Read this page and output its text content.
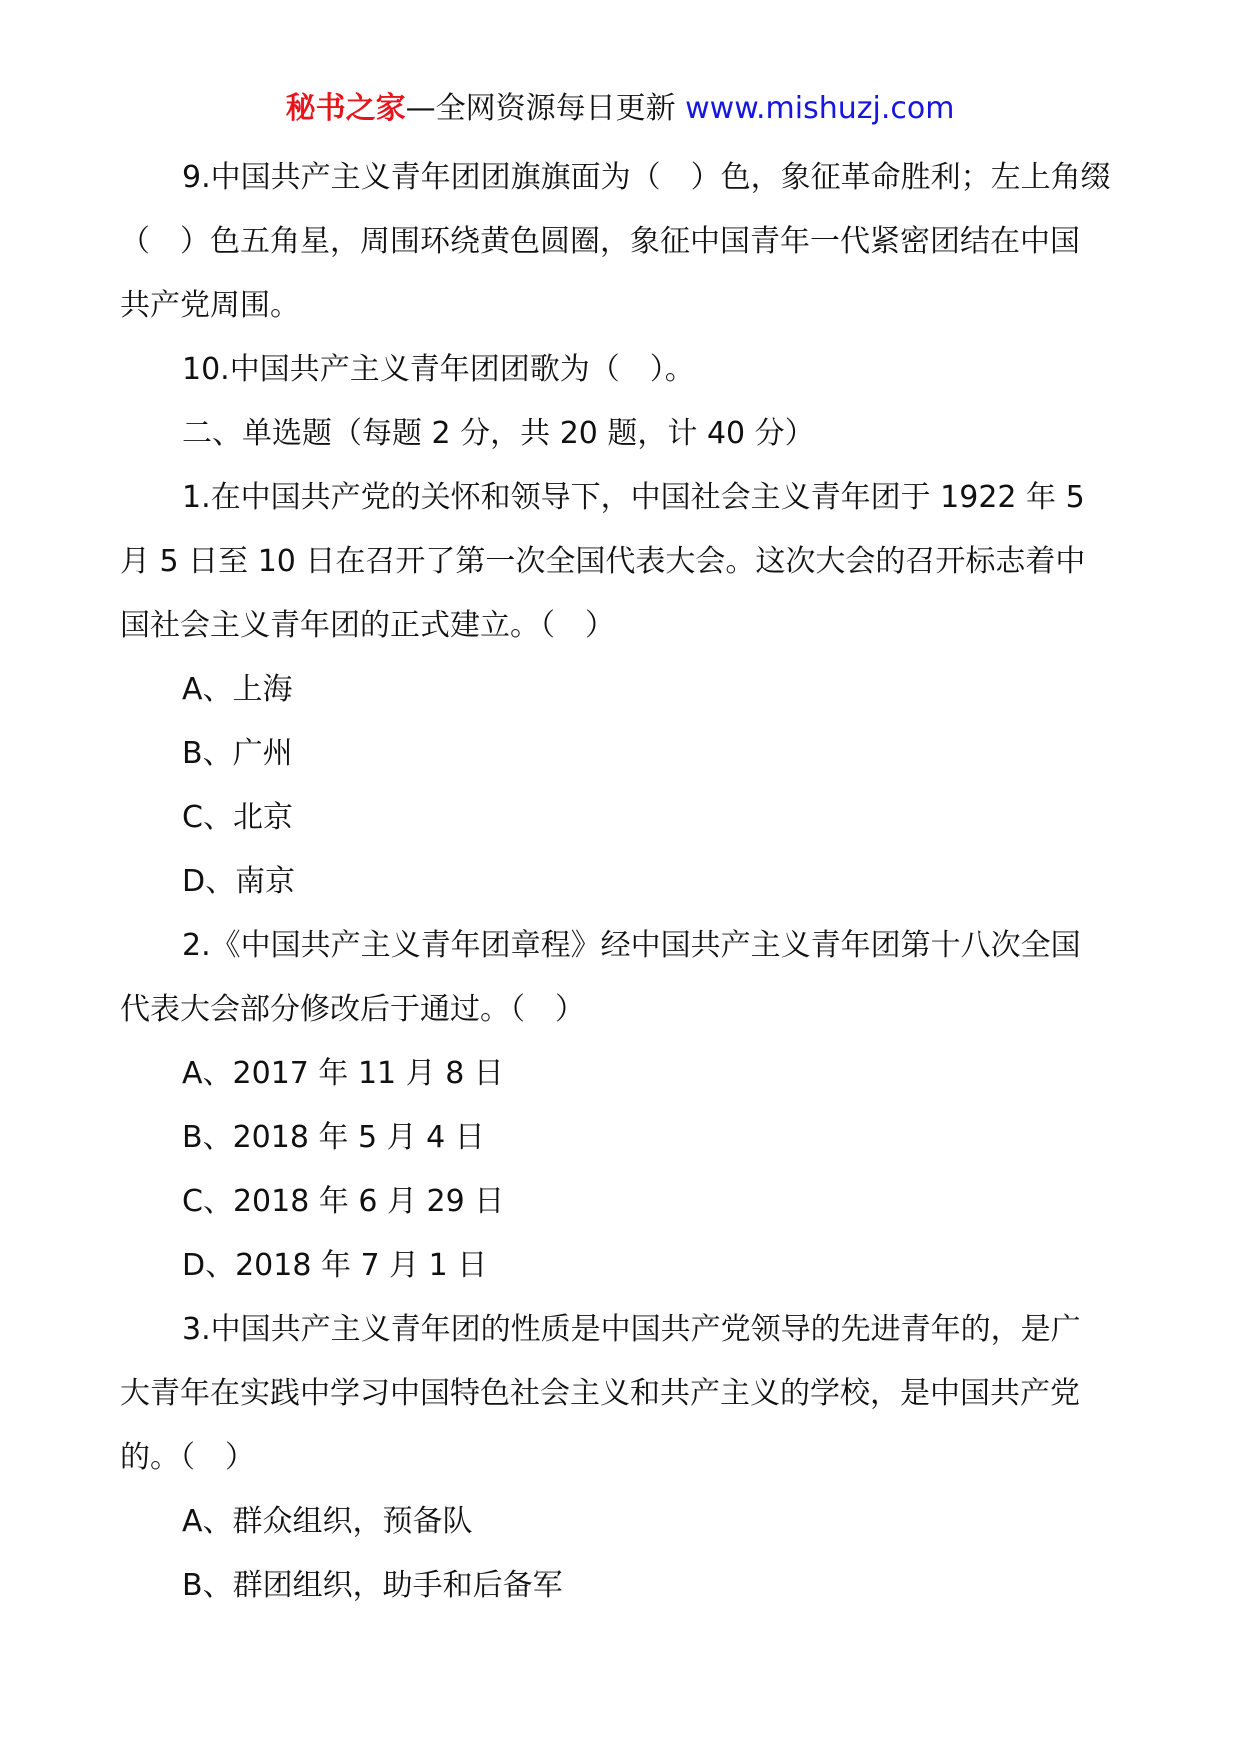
秘书之家—全网资源每日更新 www.mishuzj.com

9.中国共产主义青年团团旗旗面为（　）色，象征革命胜利；左上角缀

（　）色五角星，周围环绕黄色圆圈，象征中国青年一代紧密团结在中国

共产党周围。

10.中国共产主义青年团团歌为（　）。

二、单选题（每题 2 分，共 20 题，计 40 分）

1.在中国共产党的关怀和领导下，中国社会主义青年团于 1922 年 5

月 5 日至 10 日在召开了第一次全国代表大会。这次大会的召开标志着中

国社会主义青年团的正式建立。（　）

A、上海

B、广州

C、北京

D、南京

2.《中国共产主义青年团章程》经中国共产主义青年团第十八次全国

代表大会部分修改后于通过。（　）

A、2017 年 11 月 8 日

B、2018 年 5 月 4 日

C、2018 年 6 月 29 日

D、2018 年 7 月 1 日

3.中国共产主义青年团的性质是中国共产党领导的先进青年的，是广

大青年在实践中学习中国特色社会主义和共产主义的学校，是中国共产党

的。（　）

A、群众组织，预备队

B、群团组织，助手和后备军
